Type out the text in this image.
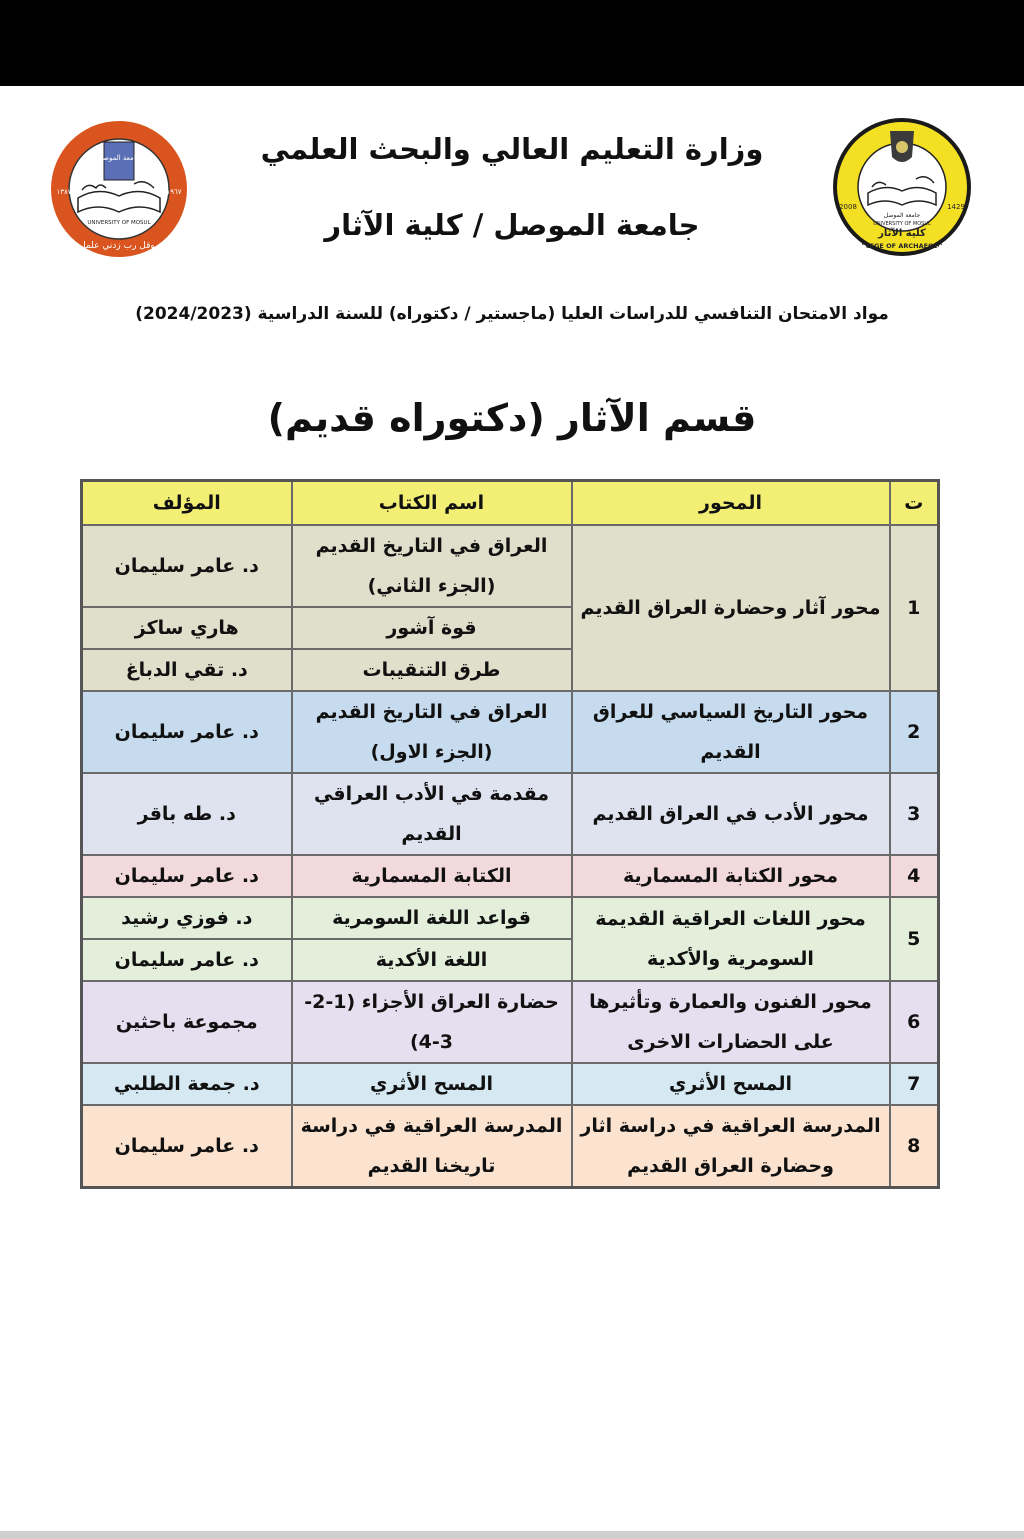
جامعة الموصل
UNIVERSITY OF MOSUL
وقل رب زدني علما
١٣٨٧	١٩٦٧
جامعة الموصل
UNIVERSITY OF MOSUL
كلية الآثار
COLLEGE OF ARCHAEOLOGY
2008	1429
وزارة التعليم العالي والبحث العلمي
جامعة الموصل / كلية الآثار
مواد الامتحان التنافسي للدراسات العليا (ماجستير / دكتوراه) للسنة الدراسية (2024/2023)
قسم الآثار (دكتوراه قديم)
ت	المحور	اسم الكتاب	المؤلف
1	محور آثار وحضارة العراق القديم	العراق في التاريخ القديم (الجزء الثاني)	د. عامر سليمان
		قوة آشور	هاري ساكز
		طرق التنقيبات	د. تقي الدباغ
2	محور التاريخ السياسي للعراق القديم	العراق في التاريخ القديم (الجزء الاول)	د. عامر سليمان
3	محور الأدب في العراق القديم	مقدمة في الأدب العراقي القديم	د. طه باقر
4	محور الكتابة المسمارية	الكتابة المسمارية	د. عامر سليمان
5	محور اللغات العراقية القديمة السومرية والأكدية	قواعد اللغة السومرية	د. فوزي رشيد
		اللغة الأكدية	د. عامر سليمان
6	محور الفنون والعمارة وتأثيرها على الحضارات الاخرى	حضارة العراق الأجزاء (1-2-3-4)	مجموعة باحثين
7	المسح الأثري	المسح الأثري	د. جمعة الطلبي
8	المدرسة العراقية في دراسة اثار وحضارة العراق القديم	المدرسة العراقية في دراسة تاريخنا القديم	د. عامر سليمان
